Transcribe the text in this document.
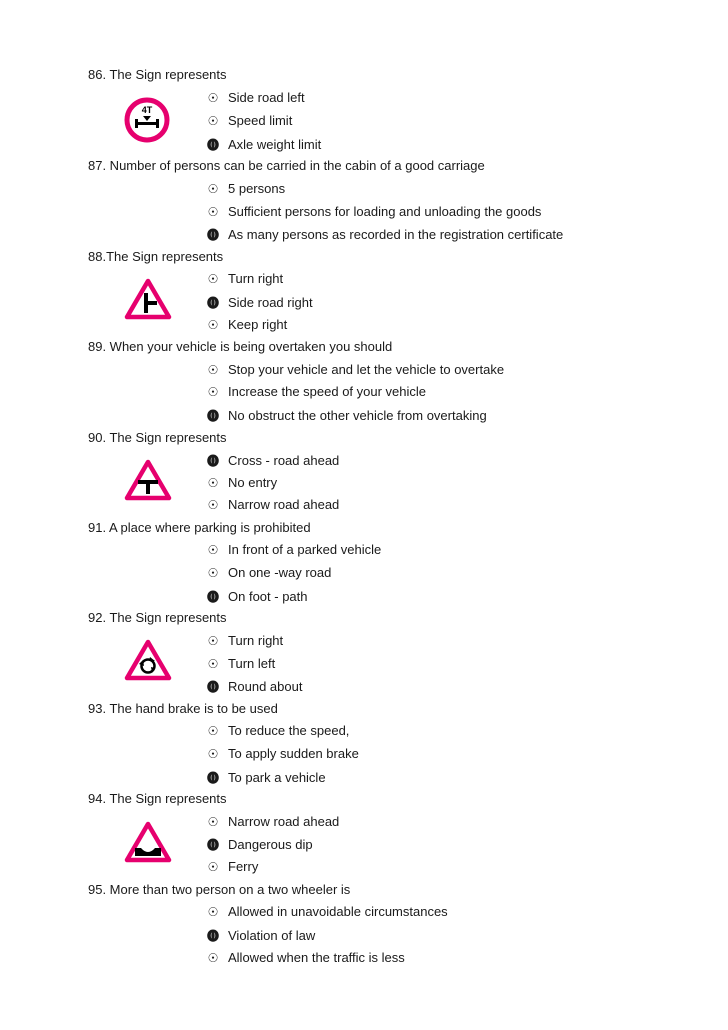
86. The Sign represents
4T
☉ Side road left
☉ Speed limit
⓿ Axle weight limit
87. Number of persons can be carried in the cabin of a good carriage
☉ 5 persons
☉ Sufficient persons for loading and unloading the goods
⓿ As many persons as recorded in the registration certificate
88.The Sign represents
☉ Turn right
⓿ Side road right
☉ Keep right
89. When your vehicle is being overtaken you should
☉ Stop your vehicle and let the vehicle to overtake
☉ Increase the speed of your vehicle
⓿ No obstruct the other vehicle from overtaking
90. The Sign represents
⓿ Cross - road ahead
☉ No entry
☉ Narrow road ahead
91. A place where parking is prohibited
☉ In front of a parked vehicle
☉ On one -way road
⓿ On foot - path
92. The Sign represents
☉ Turn right
☉ Turn left
⓿ Round about
93. The hand brake is to be used
☉ To reduce the speed,
☉ To apply sudden brake
⓿ To park a vehicle
94. The Sign represents
☉ Narrow road ahead
⓿ Dangerous dip
☉ Ferry
95. More than two person on a two wheeler is
☉ Allowed in unavoidable circumstances
⓿ Violation of law
☉ Allowed when the traffic is less
